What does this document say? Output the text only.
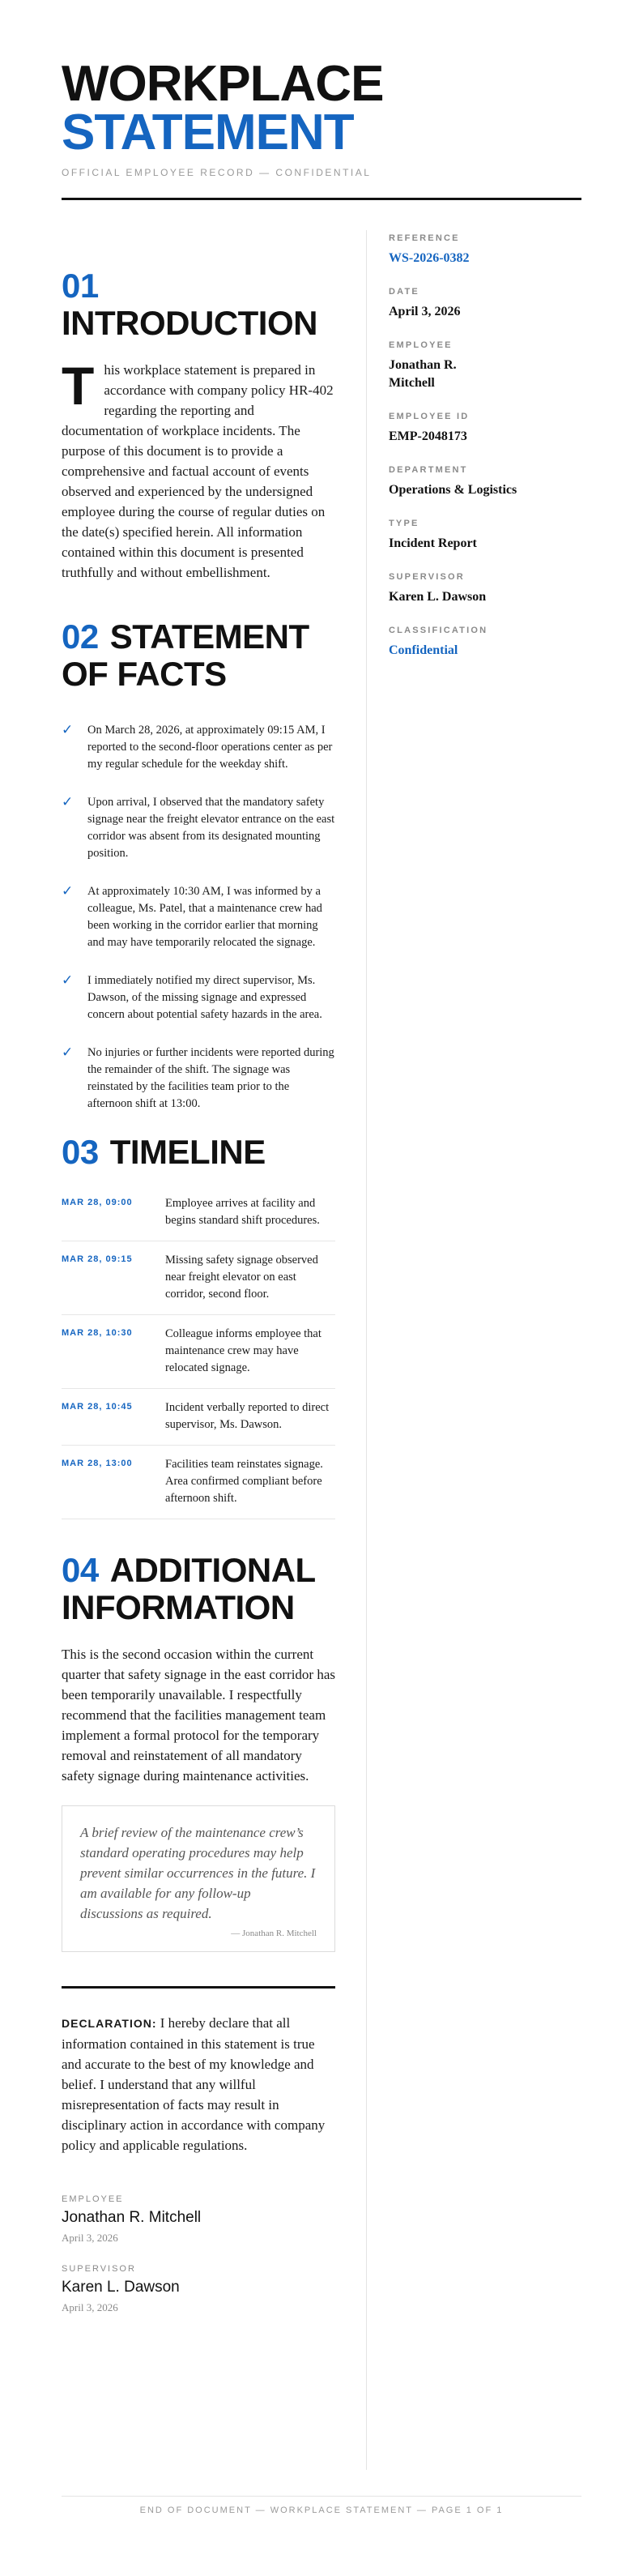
WORKPLACE
STATEMENT
OFFICIAL EMPLOYEE RECORD — CONFIDENTIAL
01
INTRODUCTION
T his workplace statement is prepared in accordance with company policy HR-402 regarding the reporting and documentation of workplace incidents. The purpose of this document is to provide a comprehensive and factual account of events observed and experienced by the undersigned employee during the course of regular duties on the date(s) specified herein. All information contained within this document is presented truthfully and without embellishment.
02 STATEMENT OF FACTS
✓ On March 28, 2026, at approximately 09:15 AM, I reported to the second-floor operations center as per my regular schedule for the weekday shift.
✓ Upon arrival, I observed that the mandatory safety signage near the freight elevator entrance on the east corridor was absent from its designated mounting position.
✓ At approximately 10:30 AM, I was informed by a colleague, Ms. Patel, that a maintenance crew had been working in the corridor earlier that morning and may have temporarily relocated the signage.
✓ I immediately notified my direct supervisor, Ms. Dawson, of the missing signage and expressed concern about potential safety hazards in the area.
✓ No injuries or further incidents were reported during the remainder of the shift. The signage was reinstated by the facilities team prior to the afternoon shift at 13:00.
03 TIMELINE
MAR 28, 09:00	Employee arrives at facility and begins standard shift procedures.
MAR 28, 09:15	Missing safety signage observed near freight elevator on east corridor, second floor.
MAR 28, 10:30	Colleague informs employee that maintenance crew may have relocated signage.
MAR 28, 10:45	Incident verbally reported to direct supervisor, Ms. Dawson.
MAR 28, 13:00	Facilities team reinstates signage. Area confirmed compliant before afternoon shift.
04 ADDITIONAL INFORMATION
This is the second occasion within the current quarter that safety signage in the east corridor has been temporarily unavailable. I respectfully recommend that the facilities management team implement a formal protocol for the temporary removal and reinstatement of all mandatory safety signage during maintenance activities.
A brief review of the maintenance crew’s standard operating procedures may help prevent similar occurrences in the future. I am available for any follow-up discussions as required.
— Jonathan R. Mitchell
DECLARATION: I hereby declare that all information contained in this statement is true and accurate to the best of my knowledge and belief. I understand that any willful misrepresentation of facts may result in disciplinary action in accordance with company policy and applicable regulations.
EMPLOYEE
Jonathan R. Mitchell
April 3, 2026
SUPERVISOR
Karen L. Dawson
April 3, 2026
REFERENCE
WS-2026-0382
DATE
April 3, 2026
EMPLOYEE
Jonathan R. Mitchell
EMPLOYEE ID
EMP-2048173
DEPARTMENT
Operations & Logistics
TYPE
Incident Report
SUPERVISOR
Karen L. Dawson
CLASSIFICATION
Confidential
END OF DOCUMENT — WORKPLACE STATEMENT — PAGE 1 OF 1
